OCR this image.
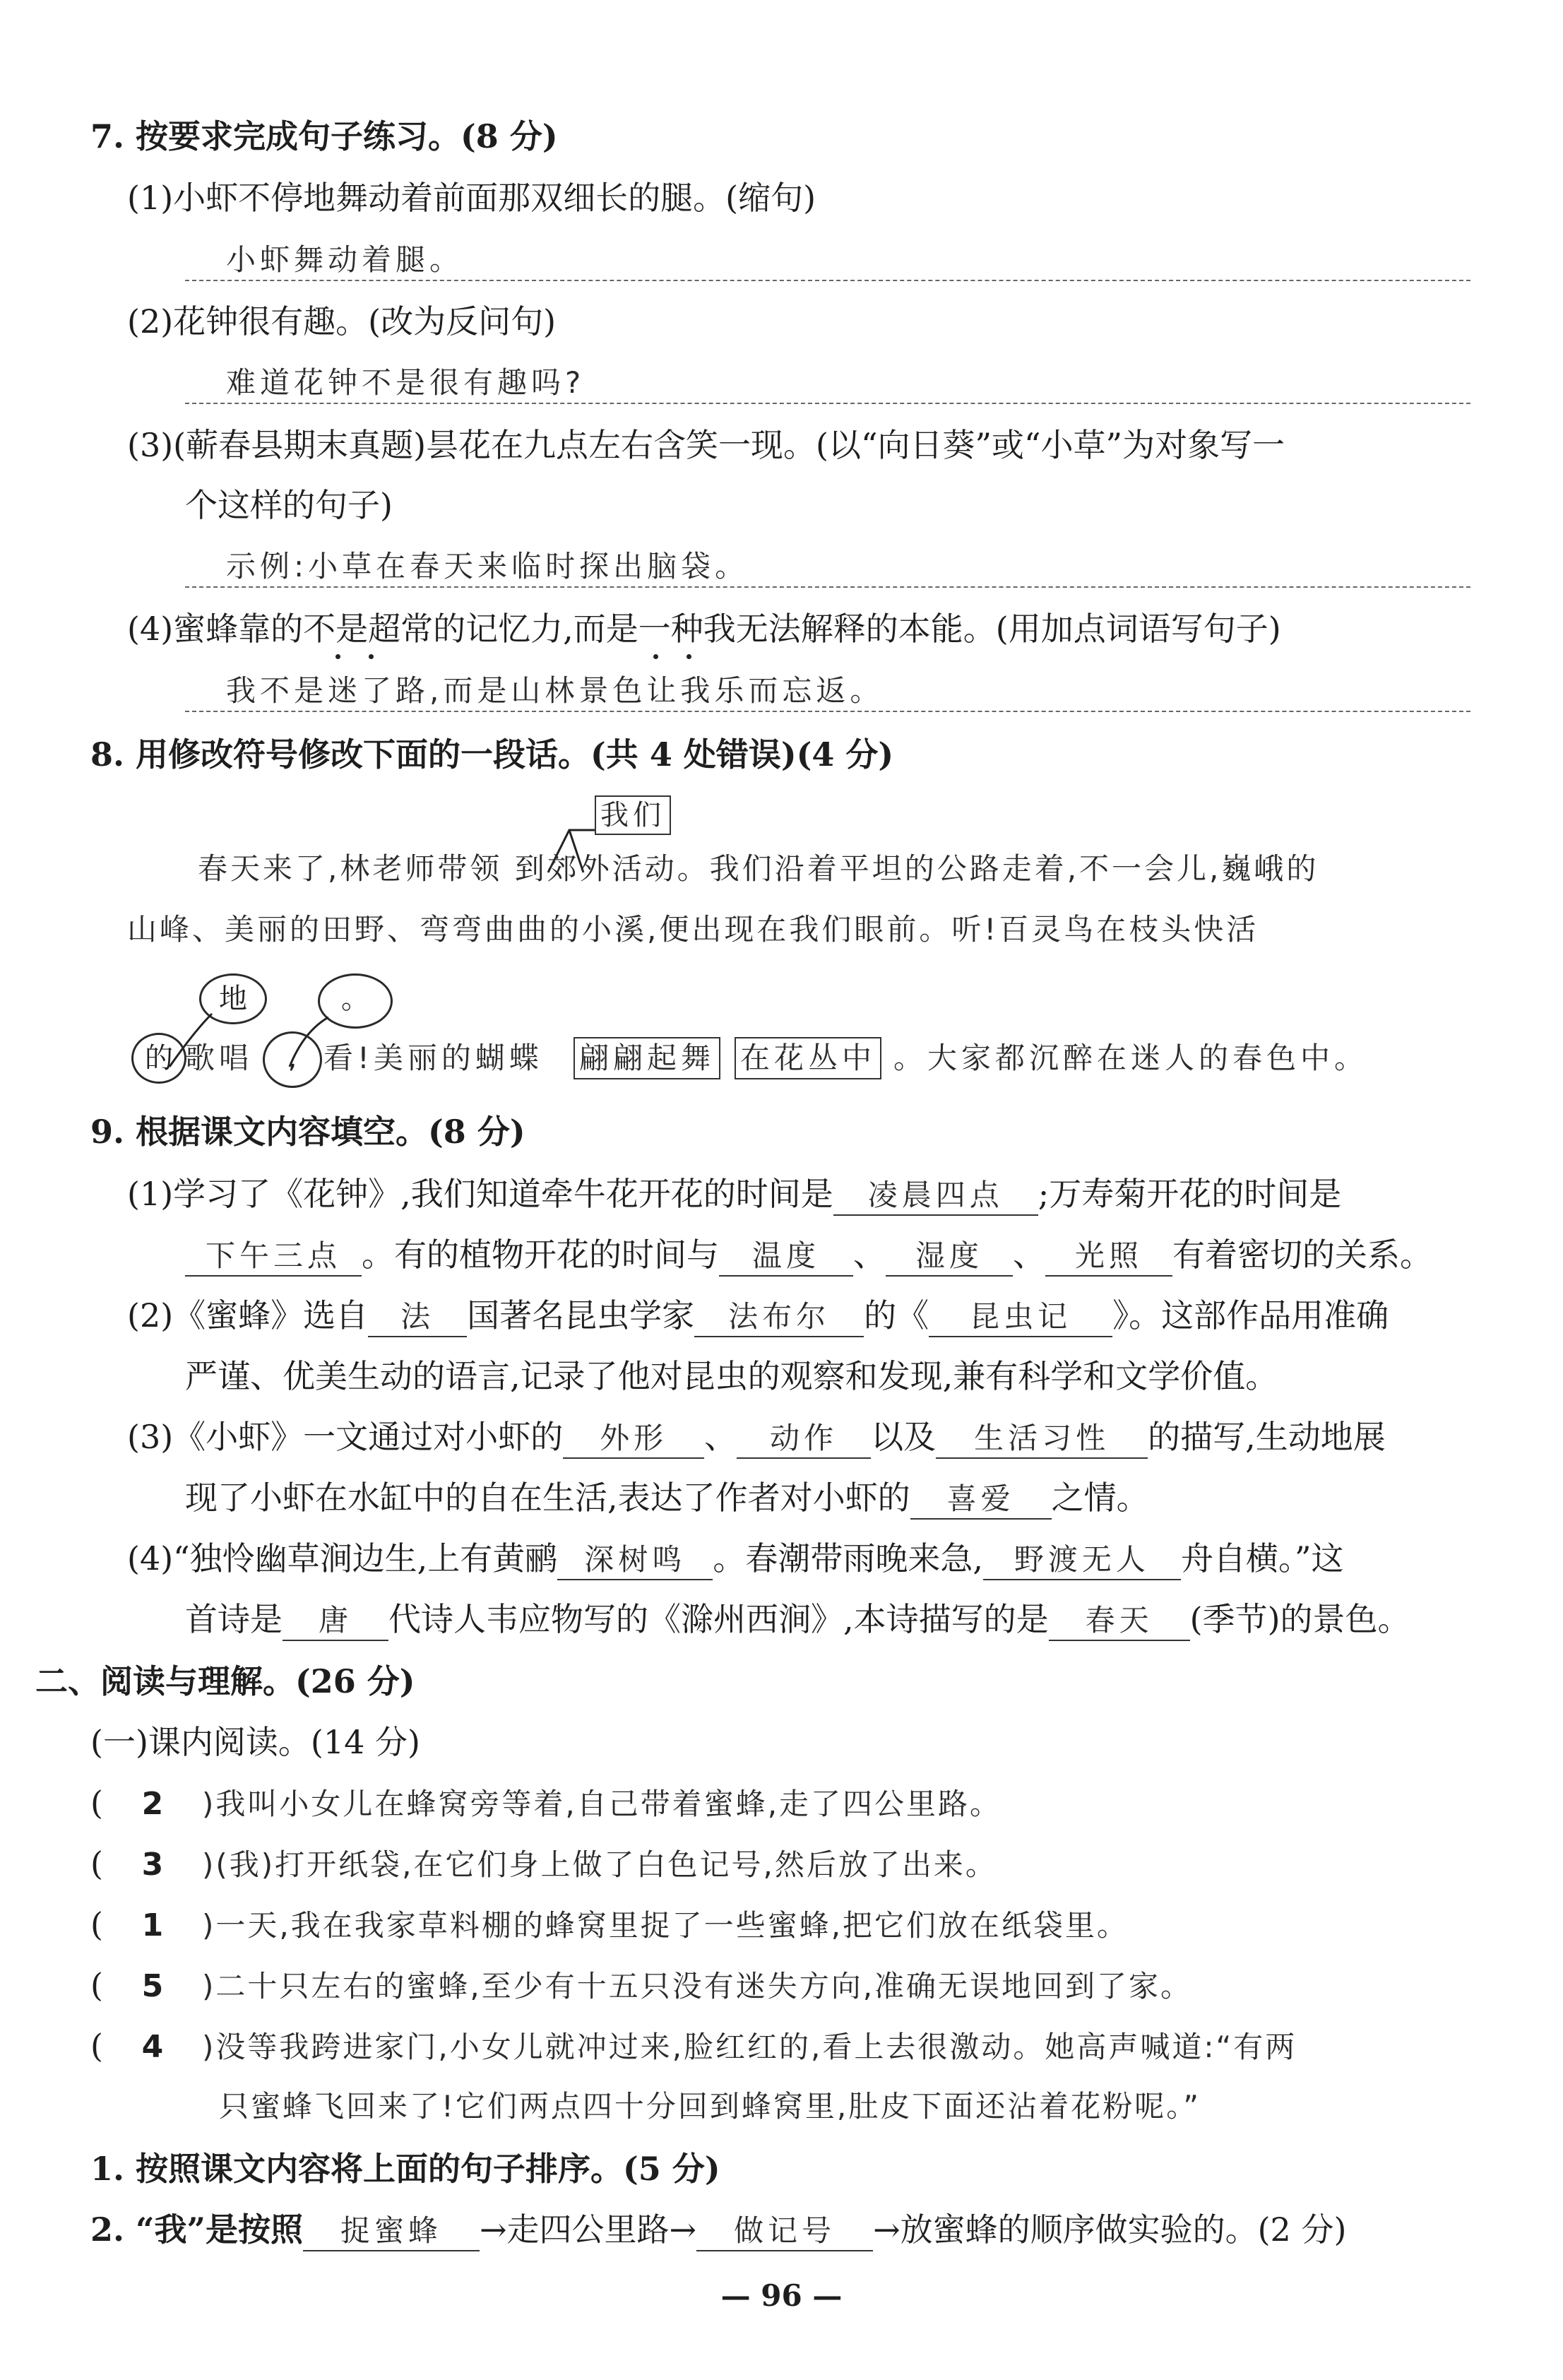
7. 按要求完成句子练习。(8 分)
(1)小虾不停地舞动着前面那双细长的腿。(缩句)
小虾舞动着腿。
(2)花钟很有趣。(改为反问句)
难道花钟不是很有趣吗?
(3)(蕲春县期末真题)昙花在九点左右含笑一现。(以“向日葵”或“小草”为对象写一
个这样的句子)
示例:小草在春天来临时探出脑袋。
(4)蜜蜂靠的不是超常的记忆力,而是一种我无法解释的本能。(用加点词语写句子)
我不是迷了路,而是山林景色让我乐而忘返。
8. 用修改符号修改下面的一段话。(共 4 处错误)(4 分)
我们
春天来了,林老师带领 到郊外活动。我们沿着平坦的公路走着,不一会儿,巍峨的
山峰、美丽的田野、弯弯曲曲的小溪,便出现在我们眼前。听!百灵鸟在枝头快活
地	。
的 歌唱	, 看!美丽的蝴蝶 翩翩起舞 在花丛中 。大家都沉醉在迷人的春色中。
9. 根据课文内容填空。(8 分)
(1)学习了《花钟》,我们知道牵牛花开花的时间是 凌晨四点 ;万寿菊开花的时间是
下午三点 。有的植物开花的时间与 温度 、 湿度 、 光照 有着密切的关系。
(2)《蜜蜂》选自 法 国著名昆虫学家 法布尔 的《 昆虫记 》。这部作品用准确
严谨、优美生动的语言,记录了他对昆虫的观察和发现,兼有科学和文学价值。
(3)《小虾》一文通过对小虾的 外形 、 动作 以及 生活习性 的描写,生动地展
现了小虾在水缸中的自在生活,表达了作者对小虾的 喜爱 之情。
(4)“独怜幽草涧边生,上有黄鹂 深树鸣 。春潮带雨晚来急, 野渡无人 舟自横。”这
首诗是 唐 代诗人韦应物写的《滁州西涧》,本诗描写的是 春天 (季节)的景色。
二、阅读与理解。(26 分)
(一)课内阅读。(14 分)
( 2 )我叫小女儿在蜂窝旁等着,自己带着蜜蜂,走了四公里路。
( 3 )(我)打开纸袋,在它们身上做了白色记号,然后放了出来。
( 1 )一天,我在我家草料棚的蜂窝里捉了一些蜜蜂,把它们放在纸袋里。
( 5 )二十只左右的蜜蜂,至少有十五只没有迷失方向,准确无误地回到了家。
( 4 )没等我跨进家门,小女儿就冲过来,脸红红的,看上去很激动。她高声喊道:“有两
只蜜蜂飞回来了!它们两点四十分回到蜂窝里,肚皮下面还沾着花粉呢。”
1. 按照课文内容将上面的句子排序。(5 分)
2. “我”是按照 捉蜜蜂 →走四公里路→ 做记号 →放蜜蜂的顺序做实验的。(2 分)
— 96 —
